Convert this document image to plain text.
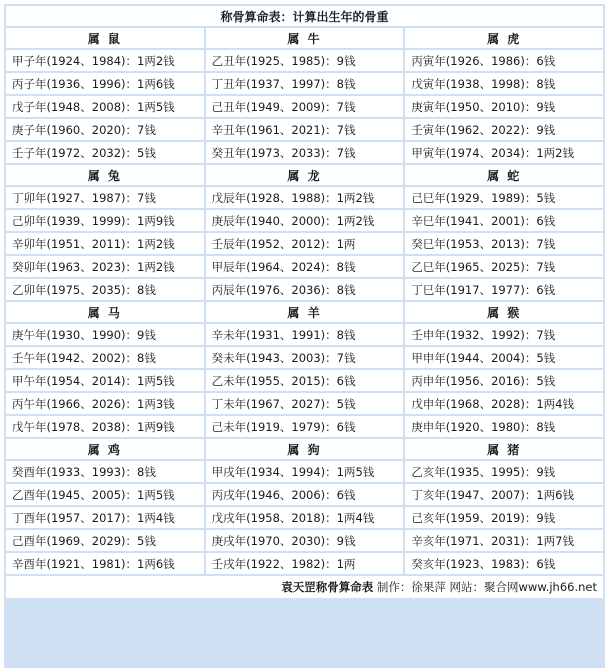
称骨算命表：计算出生年的骨重		
属 鼠	属 牛	属 虎
甲子年(1924、1984)：1两2钱	乙丑年(1925、1985)：9钱	丙寅年(1926、1986)：6钱
丙子年(1936、1996)：1两6钱	丁丑年(1937、1997)：8钱	戊寅年(1938、1998)：8钱
戊子年(1948、2008)：1两5钱	己丑年(1949、2009)：7钱	庚寅年(1950、2010)：9钱
庚子年(1960、2020)：7钱	辛丑年(1961、2021)：7钱	壬寅年(1962、2022)：9钱
壬子年(1972、2032)：5钱	癸丑年(1973、2033)：7钱	甲寅年(1974、2034)：1两2钱
属 兔	属 龙	属 蛇
丁卯年(1927、1987)：7钱	戊辰年(1928、1988)：1两2钱	己巳年(1929、1989)：5钱
己卯年(1939、1999)：1两9钱	庚辰年(1940、2000)：1两2钱	辛巳年(1941、2001)：6钱
辛卯年(1951、2011)：1两2钱	壬辰年(1952、2012)：1两	癸巳年(1953、2013)：7钱
癸卯年(1963、2023)：1两2钱	甲辰年(1964、2024)：8钱	乙巳年(1965、2025)：7钱
乙卯年(1975、2035)：8钱	丙辰年(1976、2036)：8钱	丁巳年(1917、1977)：6钱
属 马	属 羊	属 猴
庚午年(1930、1990)：9钱	辛未年(1931、1991)：8钱	壬申年(1932、1992)：7钱
壬午年(1942、2002)：8钱	癸未年(1943、2003)：7钱	甲申年(1944、2004)：5钱
甲午年(1954、2014)：1两5钱	乙未年(1955、2015)：6钱	丙申年(1956、2016)：5钱
丙午年(1966、2026)：1两3钱	丁未年(1967、2027)：5钱	戊申年(1968、2028)：1两4钱
戊午年(1978、2038)：1两9钱	己未年(1919、1979)：6钱	庚申年(1920、1980)：8钱
属 鸡	属 狗	属 猪
癸酉年(1933、1993)：8钱	甲戌年(1934、1994)：1两5钱	乙亥年(1935、1995)：9钱
乙酉年(1945、2005)：1两5钱	丙戌年(1946、2006)：6钱	丁亥年(1947、2007)：1两6钱
丁酉年(1957、2017)：1两4钱	戊戌年(1958、2018)：1两4钱	己亥年(1959、2019)：9钱
己酉年(1969、2029)：5钱	庚戌年(1970、2030)：9钱	辛亥年(1971、2031)：1两7钱
辛酉年(1921、1981)：1两6钱	壬戌年(1922、1982)：1两	癸亥年(1923、1983)：6钱
袁天罡称骨算命表 制作：徐果萍 网站：聚合网www.jh66.net		
